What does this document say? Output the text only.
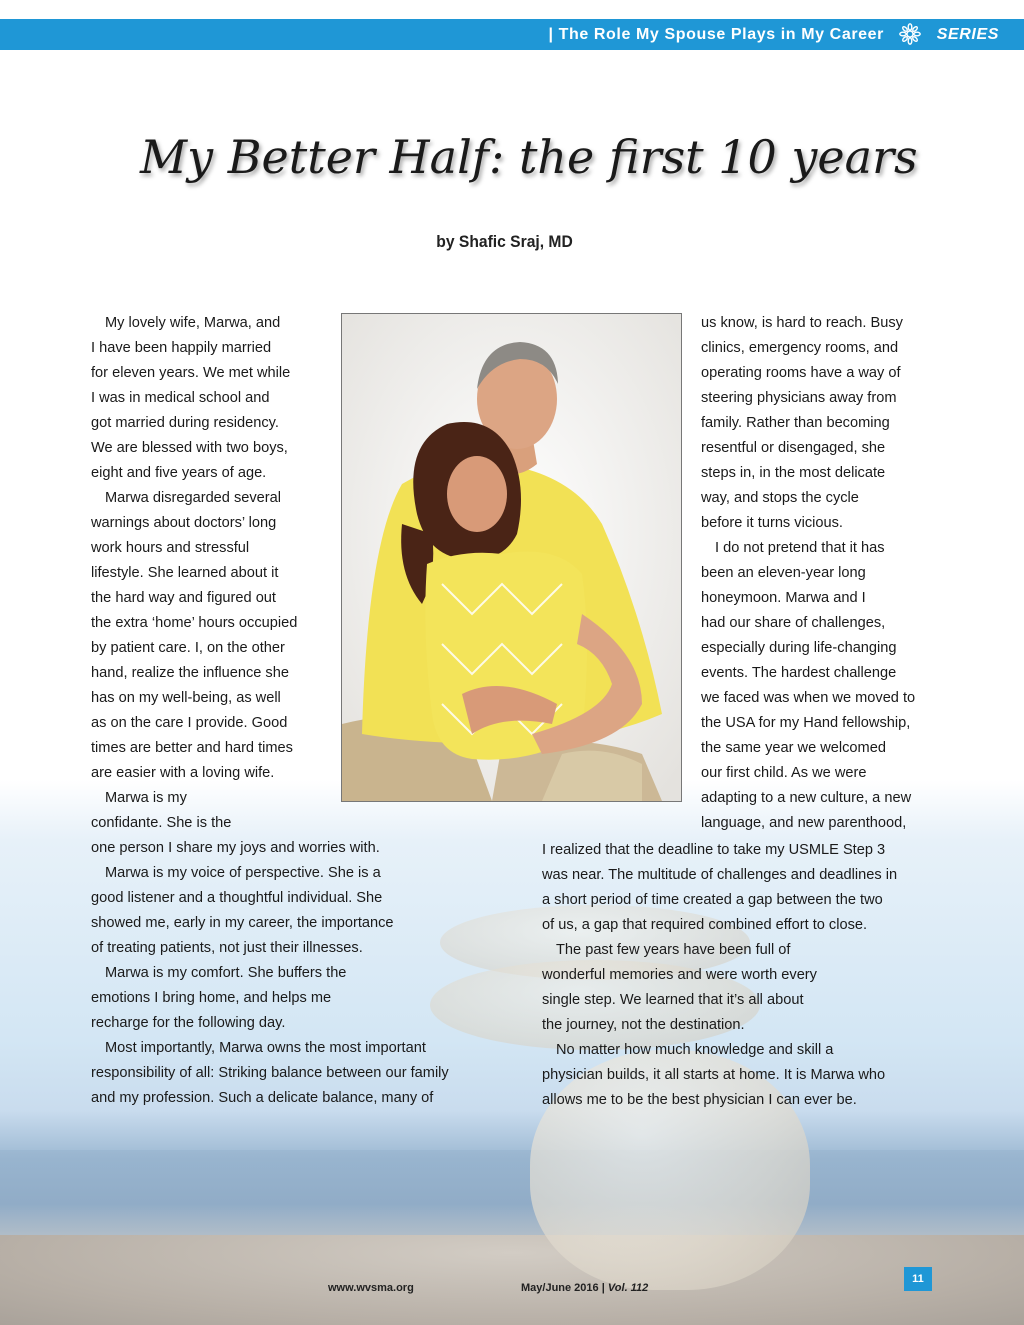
| The Role My Spouse Plays in My Career	SERIES
My Better Half: the first 10 years
by Shafic Sraj, MD
My lovely wife, Marwa, and
I have been happily married
for eleven years. We met while
I was in medical school and
got married during residency.
We are blessed with two boys,
eight and five years of age.
Marwa disregarded several
warnings about doctors’ long
work hours and stressful
lifestyle. She learned about it
the hard way and figured out
the extra ‘home’ hours occupied
by patient care. I, on the other
hand, realize the influence she
has on my well-being, as well
as on the care I provide. Good
times are better and hard times
are easier with a loving wife.
Marwa is my
confidante. She is the
one person I share my joys and worries with.
Marwa is my voice of perspective. She is a
good listener and a thoughtful individual. She
showed me, early in my career, the importance
of treating patients, not just their illnesses.
Marwa is my comfort. She buffers the
emotions I bring home, and helps me
recharge for the following day.
Most importantly, Marwa owns the most important
responsibility of all: Striking balance between our family
and my profession. Such a delicate balance, many of
us know, is hard to reach. Busy
clinics, emergency rooms, and
operating rooms have a way of
steering physicians away from
family. Rather than becoming
resentful or disengaged, she
steps in, in the most delicate
way, and stops the cycle
before it turns vicious.
I do not pretend that it has
been an eleven-year long
honeymoon. Marwa and I
had our share of challenges,
especially during life-changing
events. The hardest challenge
we faced was when we moved to
the USA for my Hand fellowship,
the same year we welcomed
our first child. As we were
adapting to a new culture, a new
language, and new parenthood,
I realized that the deadline to take my USMLE Step 3
was near. The multitude of challenges and deadlines in
a short period of time created a gap between the two
of us, a gap that required combined effort to close.
The past few years have been full of
wonderful memories and were worth every
single step. We learned that it’s all about
the journey, not the destination.
No matter how much knowledge and skill a
physician builds, it all starts at home. It is Marwa who
allows me to be the best physician I can ever be.
www.wvsma.org	May/June 2016 | Vol. 112
11
